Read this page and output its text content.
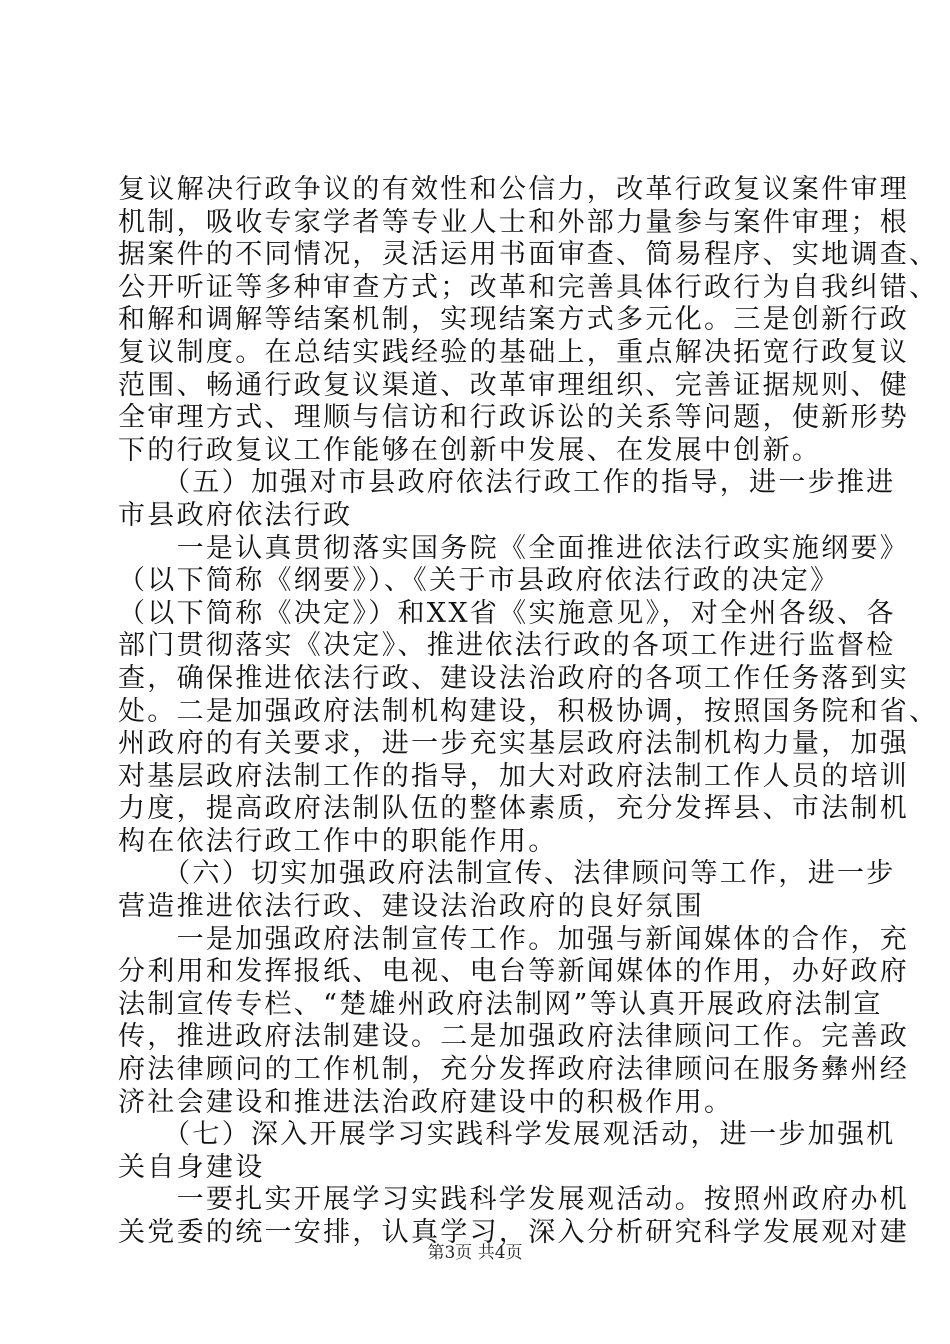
复议解决行政争议的有效性和公信力，改革行政复议案件审理
机制，吸收专家学者等专业人士和外部力量参与案件审理；根
据案件的不同情况，灵活运用书面审查、简易程序、实地调查、
公开听证等多种审查方式；改革和完善具体行政行为自我纠错、
和解和调解等结案机制，实现结案方式多元化。三是创新行政
复议制度。在总结实践经验的基础上，重点解决拓宽行政复议
范围、畅通行政复议渠道、改革审理组织、完善证据规则、健
全审理方式、理顺与信访和行政诉讼的关系等问题，使新形势
下的行政复议工作能够在创新中发展、在发展中创新。
　　（五）加强对市县政府依法行政工作的指导，进一步推进
市县政府依法行政
　　一是认真贯彻落实国务院《全面推进依法行政实施纲要》
（以下简称《纲要》）、《关于市县政府依法行政的决定》
（以下简称《决定》）和XX省《实施意见》，对全州各级、各
部门贯彻落实《决定》、推进依法行政的各项工作进行监督检
查，确保推进依法行政、建设法治政府的各项工作任务落到实
处。二是加强政府法制机构建设，积极协调，按照国务院和省、
州政府的有关要求，进一步充实基层政府法制机构力量，加强
对基层政府法制工作的指导，加大对政府法制工作人员的培训
力度，提高政府法制队伍的整体素质，充分发挥县、市法制机
构在依法行政工作中的职能作用。
　　（六）切实加强政府法制宣传、法律顾问等工作，进一步
营造推进依法行政、建设法治政府的良好氛围
　　一是加强政府法制宣传工作。加强与新闻媒体的合作，充
分利用和发挥报纸、电视、电台等新闻媒体的作用，办好政府
法制宣传专栏、“楚雄州政府法制网”等认真开展政府法制宣
传，推进政府法制建设。二是加强政府法律顾问工作。完善政
府法律顾问的工作机制，充分发挥政府法律顾问在服务彝州经
济社会建设和推进法治政府建设中的积极作用。
　　（七）深入开展学习实践科学发展观活动，进一步加强机
关自身建设
　　一要扎实开展学习实践科学发展观活动。按照州政府办机
关党委的统一安排，认真学习，深入分析研究科学发展观对建
第3页 共4页
